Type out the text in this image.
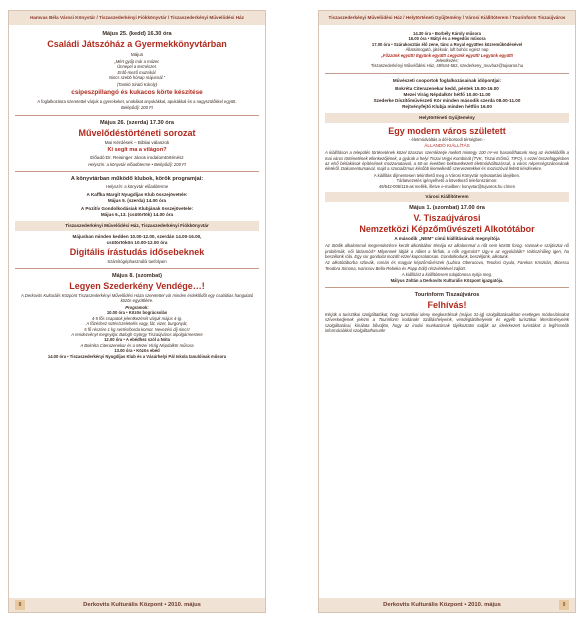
Hamvas Béla Városi Könyvtár / Tiszaszederkényi Fiókkönyvtár / Tiszaszederkényi Művelődési Ház
Május 25. (kedd) 16.30 óra
Családi Játszóház a Gyermekkönyvtárban
Május
„Mért gyűjt már a múzet.
Ünnepel a természet.
Erdő-mező muzsikál.
Nincs szebb hónap májusnál.”
(Tamkó Sirató Károly)
csipeszpillangó és kukacos körte készítése
A foglalkozásra szeretettel várjuk a gyerekeket, unokákat anyukákkal, apukákkal és a nagyszülőkkel együtt.
Belépődíj: 200 Ft
Május 26. (szerda) 17.30 óra
Művelődéstörténeti sorozat
Mai Kérdések – Bibliai válaszok
Ki segít ma a világon?
Előadó:Dr. Reisinger János irodalomtörténész
Helyszín: a könyvtár előadóterme • Belépődíj: 200 Ft
A könyvtárban működő klubok, körök programjai:
Helyszín: a könyvtár előadóterme
A Kaffka Margit Nyugdíjas Klub összejövetele:
Május 5. (szerda) 14.00 óra
A Pozitív Gondolkodásiak Klubjának összejövetele:
Május 6.,13. (csütörtök) 14.00 óra
Tiszaszederkényi Művelődési Ház, Tiszaszederkényi Fiókkönyvtár
Májusban minden kedden 10.00-12.00, szerdán 14.00-16.00,
csütörtökön 10.00-12.00 óra
Digitális írástudás idősebeknek
Számítógéphasználói tanfolyam
Május 8. (szombat)
Legyen Szederkény Vendége…!
A Derkovits Kulturális Központ Tiszaszederkényi Művelődési Háza szeretettel vár minden érdeklődőt egy családias hangulatú közös együttlétre.
Programok:
10.00 óra • Közös bográcsolás
4-5 fős csapatok jelentkezését várjuk május 4-ig.
A főzéshez sütés/szeletelés vagy, fát, vizet, burgonyát,
5 fő részére 1 kg sertés/borda komot. Nevezési díj nincs!
A rendezvényt megnyitja: Balogh György Tiszaújváros alpolgármestere
12.00 óra • A ebédhez szól a Nóta
A Bokréta Citerazenekar és a Mezei Virág Népdalkör műsora
13.00 óra • Közös ebéd
14.00 óra • Tiszaszederkényi Nyugdíjas Klub és a Vásárhelyi Pál Iskola tanulóinak műsora
8	Derkovits Kulturális Központ • 2010. május
Tiszaszederkényi Művelődési Ház / Helytörténeti Gyűjtemény / Városi Kiállítóterem / Tourinform Tiszaújváros
14.30 óra • Borbély Károly műsora
16.00 óra • Mátyi és a Hegedűs műsora
17.00 óra • Szárakosztás élő zene, tánc a Royal együttes közreműködésével
Állatsimogató, játékvár, luft bohóc egész nap
„Főzzünk együtt! Együnk együtt! Legyünk együtt! Legyünk együtt!
Jelentkezés:
Tiszaszederkényi Művelődési Ház, 49/544-552, szederkeny_muvhaz@tujvaros.hu
Művészeti csoportok foglalkozásainak időpontjai:
Bokréta Citerazenekar kedd, péntek 15.00-16.00
Mezei Virág Népdalkör hétfő 10.00-11.00
Szederke Díszítőművészeti Kör minden második szerda 08.00-11.00
Rejtvényfejtő Klubja minden hétfőn 16.00
Helytörténeti Gyűjtemény
Egy modern város született
- életmódváltás a dél-borsodi térségben -
ÁLLANDÓ KIÁLLÍTÁS
A kiállításon a település történetének közel tizaszus szemlézetje mellett mintegy 100 m²-en hasonlíthatunk meg az érdeklődők a mai város történetének ellenkezőjének, a gyárak a helyi Tiszai Vegyi Kombinát (TVK, Tiszai Erőmű, TIFO), s ezzel összefüggésben az első bérlakások építésének mozzanataival, a 60-as években bekövetkezett életmódváltozással, a város népességszánosának életéről. Dokumentumaival, majd a szocializmus később kiemelkedő szervezetekkel és moziszóval feltett kérdésekre.
A kiállítás díjmentesen tekinthető meg a Városi Könyvtár nyitvatartási idejében.
Tárlatvezetés igényelhető a következő telefonszámon:
49/542-006/118-as mellék, illetve e-mailben: konyvtar@tujvaros.hu címen
Városi Kiállítóterem
Május 1. (szombat) 17.00 óra
V. Tiszaújvárosi
Nemzetközi Képzőművészeti Alkotótábor
A második „NEM” című kiállításának megnyitója
Az ötödik alkalommal megrendezésre került alkotótábor témája ez alkalommal a nőt nem között forog. Vannak-e szájtisztai nő problémák, női látásmód? Milyennek látják a nőket a férfiak, a nők egymást? Úgy-e az egyoldalúk? Valószínűleg igen, ha beszélünk róla. Egy sor gondolat mozdít ezzel kapcsolatosan. Gondolkodunk, beszéljünk, alkotunk.
Az alkotótáborba szlovák, román és magyar képzőművészek (Lubica Oberucova, Teodosi Gyula, Farekas Krisztián, Bicescu Teodora Simona, Ivancsov Bella-Rebeka és Papp Edit) részvételével zajlott.
A kiállítást a kiállítóterem tulajdonosa nyitja meg.
Mályus Zoltán a Derkovits Kulturális Központ igazgatója.
Tourinform Tiszaújváros
Felhívás!
Kérjük a turisztikai szolgáltatókat, hogy turisztikai ideny megkezdésük (május 31-ig) szolgáltatásaikban esetleges módosításokat szíveskedjenek jelezni a Tourinform irodának! Szálláshelyeink, vendéglátóhelyeink és egyéb turisztikai létesítményeink szolgáltatásai, kínálata bővüljön, hogy az irodai munkatársak tájékoztatni tudják az ideérkezett turistákat a legfrissebb információkkal szolgáltathasunk!
Derkovits Kulturális Központ • 2010. május	9
